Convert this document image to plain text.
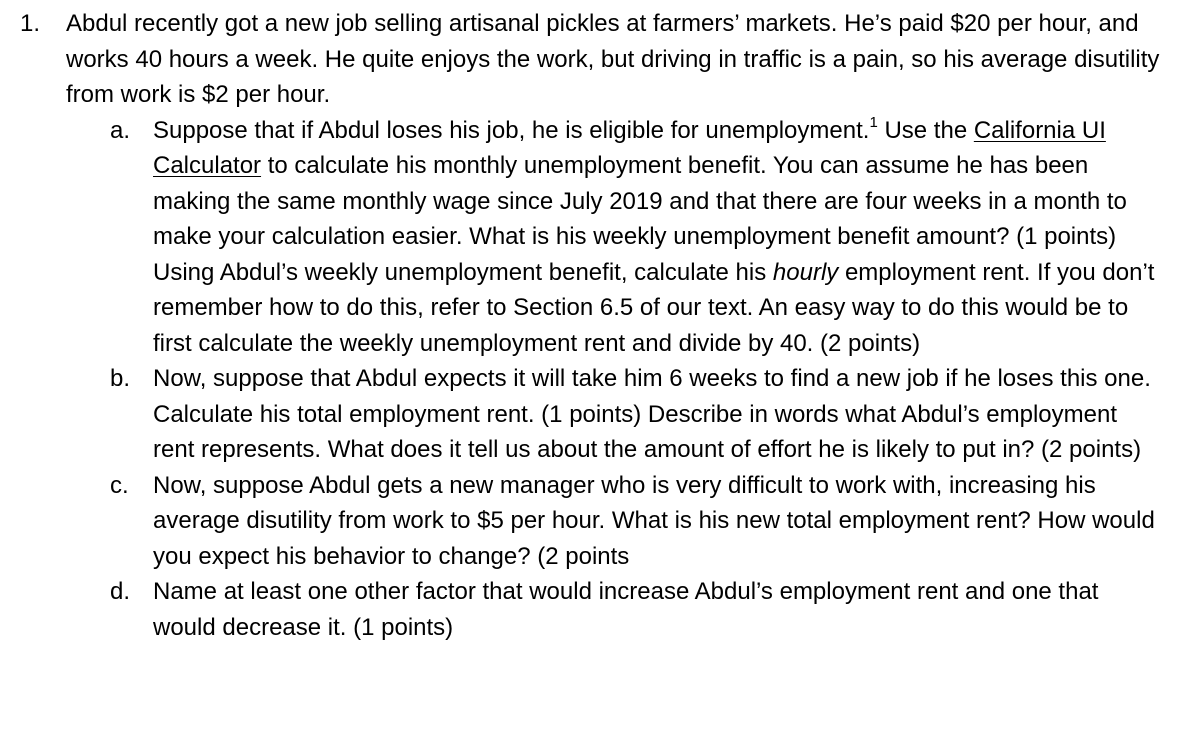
1. Abdul recently got a new job selling artisanal pickles at farmers’ markets. He’s paid $20 per hour, and works 40 hours a week. He quite enjoys the work, but driving in traffic is a pain, so his average disutility from work is $2 per hour.
a. Suppose that if Abdul loses his job, he is eligible for unemployment.$^1$ Use the California UI Calculator to calculate his monthly unemployment benefit. You can assume he has been making the same monthly wage since July 2019 and that there are four weeks in a month to make your calculation easier. What is his weekly unemployment benefit amount? (1 points) Using Abdul’s weekly unemployment benefit, calculate his hourly employment rent. If you don’t remember how to do this, refer to Section 6.5 of our text. An easy way to do this would be to first calculate the weekly unemployment rent and divide by 40. (2 points)
b. Now, suppose that Abdul expects it will take him 6 weeks to find a new job if he loses this one. Calculate his total employment rent. (1 points) Describe in words what Abdul’s employment rent represents. What does it tell us about the amount of effort he is likely to put in? (2 points)
c. Now, suppose Abdul gets a new manager who is very difficult to work with, increasing his average disutility from work to $5 per hour. What is his new total employment rent? How would you expect his behavior to change? (2 points
d. Name at least one other factor that would increase Abdul’s employment rent and one that would decrease it. (1 points)
